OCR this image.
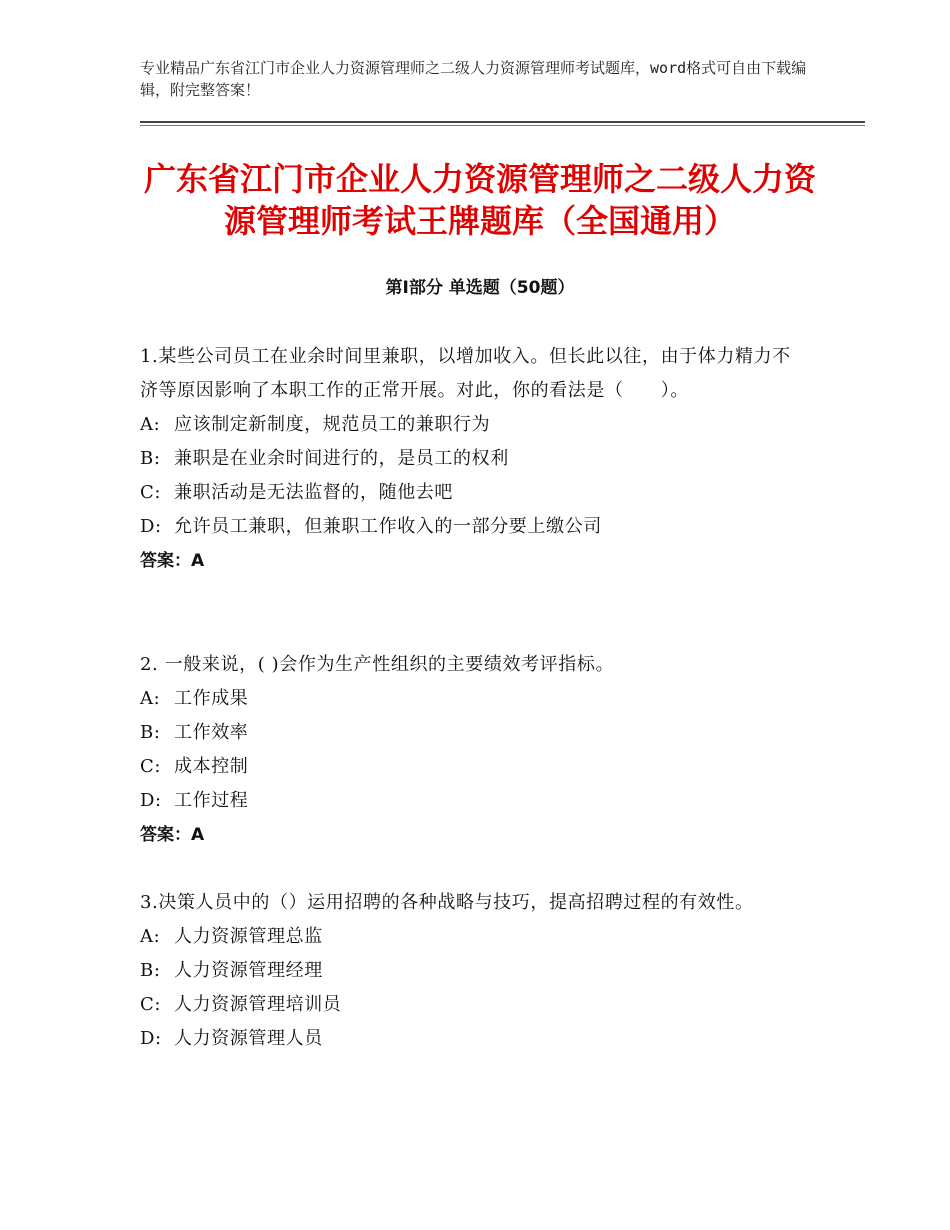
专业精品广东省江门市企业人力资源管理师之二级人力资源管理师考试题库，word格式可自由下载编辑，附完整答案！
广东省江门市企业人力资源管理师之二级人力资源管理师考试王牌题库（全国通用）
第Ⅰ部分 单选题（50题）
1.某些公司员工在业余时间里兼职，以增加收入。但长此以往，由于体力精力不济等原因影响了本职工作的正常开展。对此，你的看法是（　　）。
A: 应该制定新制度，规范员工的兼职行为
B: 兼职是在业余时间进行的，是员工的权利
C: 兼职活动是无法监督的，随他去吧
D: 允许员工兼职，但兼职工作收入的一部分要上缴公司
答案：A
2. 一般来说，( )会作为生产性组织的主要绩效考评指标。
A: 工作成果
B: 工作效率
C: 成本控制
D: 工作过程
答案：A
3.决策人员中的（）运用招聘的各种战略与技巧，提高招聘过程的有效性。
A: 人力资源管理总监
B: 人力资源管理经理
C: 人力资源管理培训员
D: 人力资源管理人员
